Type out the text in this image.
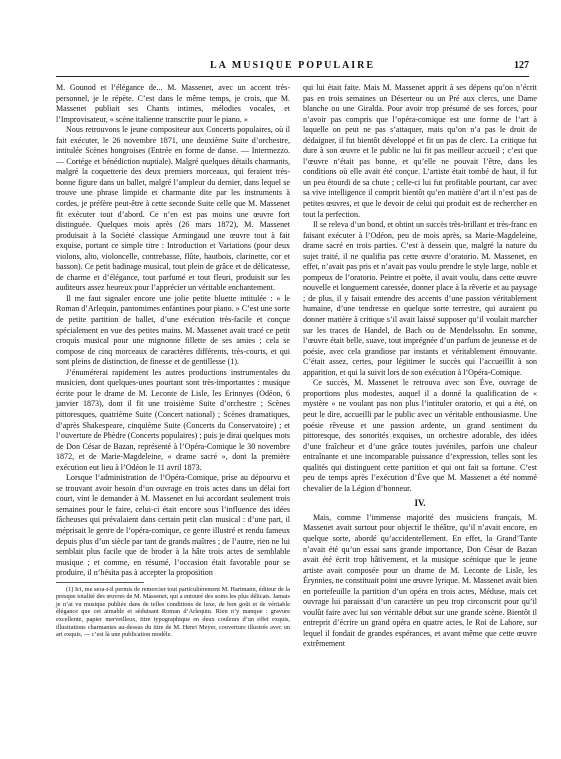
LA MUSIQUE POPULAIRE	127

M. Gounod et l’élégance de... M. Massenet, avec un accent très-personnel, je le répète. C’est dans le même temps, je crois, que M. Massenet publiait ses Chants intimes, mélodies vocales, et l’Improvisateur, « scène italienne transcrite pour le piano. »

Nous retrouvons le jeune compositeur aux Concerts populaires, où il fait exécuter, le 26 novembre 1871, une deuxième Suite d’orchestre, intitulée Scènes hongroises (Entrée en forme de danse. — Intermezzo. — Cortége et bénédiction nuptiale). Malgré quelques détails charmants, malgré la coquetterie des deux premiers morceaux, qui feraient très-bonne figure dans un ballet, malgré l’ampleur du dernier, dans lequel se trouve une phrase limpide et charmante dite par les instruments à cordes, je préfère peut-être à cette seconde Suite celle que M. Massenet fit exécuter tout d’abord. Ce n’en est pas moins une œuvre fort distinguée. Quelques mois après (26 mars 1872), M. Massenet produisait à la Société classique Armingaud une œuvre tout à fait exquise, portant ce simple titre : Introduction et Variations (pour deux violons, alto, violoncelle, contrebasse, flûte, hautbois, clarinette, cor et basson). Ce petit badinage musical, tout plein de grâce et de délicatesse, de charme et d’élégance, tout parfumé et tout fleuri, produisit sur les auditeurs assez heureux pour l’apprécier un véritable enchantement.

Il me faut signaler encore une jolie petite bluette intitulée : « le Roman d’Arlequin, pantomimes enfantines pour piano. » C’est une sorte de petite partition de ballet, d’une exécution très-facile et conçue spécialement en vue des petites mains. M. Massenet avait tracé ce petit croquis musical pour une mignonne fillette de ses amies ; cela se compose de cinq morceaux de caractères différents, très-courts, et qui sont pleins de distinction, de finesse et de gentillesse (1).

J’énumérerai rapidement les autres productions instrumentales du musicien, dont quelques-unes pourtant sont très-importantes : musique écrite pour le drame de M. Leconte de Lisle, les Erinnyes (Odéon, 6 janvier 1873), dont il fit une troisième Suite d’orchestre ; Scènes pittoresques, quatrième Suite (Concert national) ; Scènes dramatiques, d’après Shakespeare, cinquième Suite (Concerts du Conservatoire) ; et l’ouverture de Phèdre (Concerts populaires) ; puis je dirai quelques mots de Don César de Bazan, représenté à l’Opéra-Comique le 30 novembre 1872, et de Marie-Magdeleine, « drame sacré », dont la première exécution eut lieu à l’Odéon le 11 avril 1873.

Lorsque l’administration de l’Opéra-Comique, prise au dépourvu et se trouvant avoir besoin d’un ouvrage en trois actes dans un délai fort court, vint le demander à M. Massenet en lui accordant seulement trois semaines pour le faire, celui-ci était encore sous l’influence des idées fâcheuses qui prévalaient dans certain petit clan musical : d’une part, il méprisait le genre de l’opéra-comique, ce genre illustré et rendu fameux depuis plus d’un siècle par tant de grands maîtres ; de l’autre, rien ne lui semblait plus facile que de broder à la hâte trois actes de semblable musique ; et comme, en résumé, l’occasion était favorable pour se produire, il n’hésita pas à accepter la proposition

(1) Ici, me sera-t-il permis de remercier tout particulièrement M. Hartmann, éditeur de la presque totalité des œuvres de M. Massenet, qui a entouré des soins les plus délicats. Jamais je n’ai vu musique publiée dans de telles conditions de luxe, de bon goût et de véritable élégance que cet aimable et séduisant Roman d’Arlequin. Rien n’y manque : gravure excellente, papier merveilleux, titre typographique en deux couleurs d’un effet exquis, illustrations charmantes au-dessus du titre de M. Henri Meyer, couverture illustrée avec un art exquis, — c’est là une publication modèle.

qui lui était faite. Mais M. Massenet apprit à ses dépens qu’on n’écrit pas en trois semaines un Déserteur ou un Pré aux clercs, une Dame blanche ou une Giralda. Pour avoir trop présumé de ses forces, pour n’avoir pas compris que l’opéra-comique est une forme de l’art à laquelle on peut ne pas s’attaquer, mais qu’on n’a pas le droit de dédaigner, il fut bientôt développé et fit un pas de clerc. La critique fut dure à son œuvre et le public ne lui fit pas meilleur accueil ; c’est que l’œuvre n’était pas bonne, et qu’elle ne pouvait l’être, dans les conditions où elle avait été conçue. L’artiste était tombé de haut, il fut un peu étourdi de sa chute ; celle-ci lui fut profitable pourtant, car avec sa vive intelligence il comprit bientôt qu’en matière d’art il n’est pas de petites œuvres, et que le devoir de celui qui produit est de rechercher en tout la perfection.

Il se releva d’un bond, et obtint un succès très-brillant et très-franc en faisant exécuter à l’Odéon, peu de mois après, sa Marie-Magdeleine, drame sacré en trois parties. C’est à dessein que, malgré la nature du sujet traité, il ne qualifia pas cette œuvre d’oratorio. M. Massenet, en effet, n’avait pas pris et n’avait pas voulu prendre le style large, noble et pompeux de l’oratorio. Peintre et poëte, il avait voulu, dans cette œuvre nouvelle et longuement caressée, donner place à la rêverie et au paysage ; de plus, il y faisait entendre des accents d’une passion véritablement humaine, d’une tendresse en quelque sorte terrestre, qui auraient pu donner matière à critique s’il avait laissé supposer qu’il voulait marcher sur les traces de Handel, de Bach ou de Mendelssohn. En somme, l’œuvre était belle, suave, tout imprégnée d’un parfum de jeunesse et de poésie, avec cela grandiose par instants et véritablement émouvante. C’était assez, certes, pour légitimer le succès qui l’accueillit à son apparition, et qui la suivit lors de son exécution à l’Opéra-Comique.

Ce succès, M. Massenet le retrouva avec son Ève, ouvrage de proportions plus modestes, auquel il a donné la qualification de « mystère » ne voulant pas non plus l’intituler oratorio, et qui a été, on peut le dire, accueilli par le public avec un véritable enthousiasme. Une poésie rêveuse et une passion ardente, un grand sentiment du pittoresque, des sonorités exquises, un orchestre adorable, des idées d’une fraîcheur et d’une grâce toutes juvéniles, parfois une chaleur entraînante et une incomparable puissance d’expression, telles sont les qualités qui distinguent cette partition et qui ont fait sa fortune. C’est peu de temps après l’exécution d’Ève que M. Massenet a été nommé chevalier de la Légion d’honneur.

IV.

Mais, comme l’immense majorité des musiciens français, M. Massenet avait surtout pour objectif le théâtre, qu’il n’avait encore, en quelque sorte, abordé qu’accidentellement. En effet, la Grand’Tante n’avait été qu’un essai sans grande importance, Don César de Bazan avait été écrit trop hâtivement, et la musique scénique que le jeune artiste avait composée pour un drame de M. Leconte de Lisle, les Érynnies, ne constituait point une œuvre lyrique. M. Massenet avait bien en portefeuille la partition d’un opéra en trois actes, Méduse, mais cet ouvrage lui paraissait d’un caractère un peu trop circonscrit pour qu’il voulût faire avec lui son véritable début sur une grande scène. Bientôt il entreprit d’écrire un grand opéra en quatre actes, le Roi de Lahore, sur lequel il fondait de grandes espérances, et avant même que cette œuvre extrêmement
